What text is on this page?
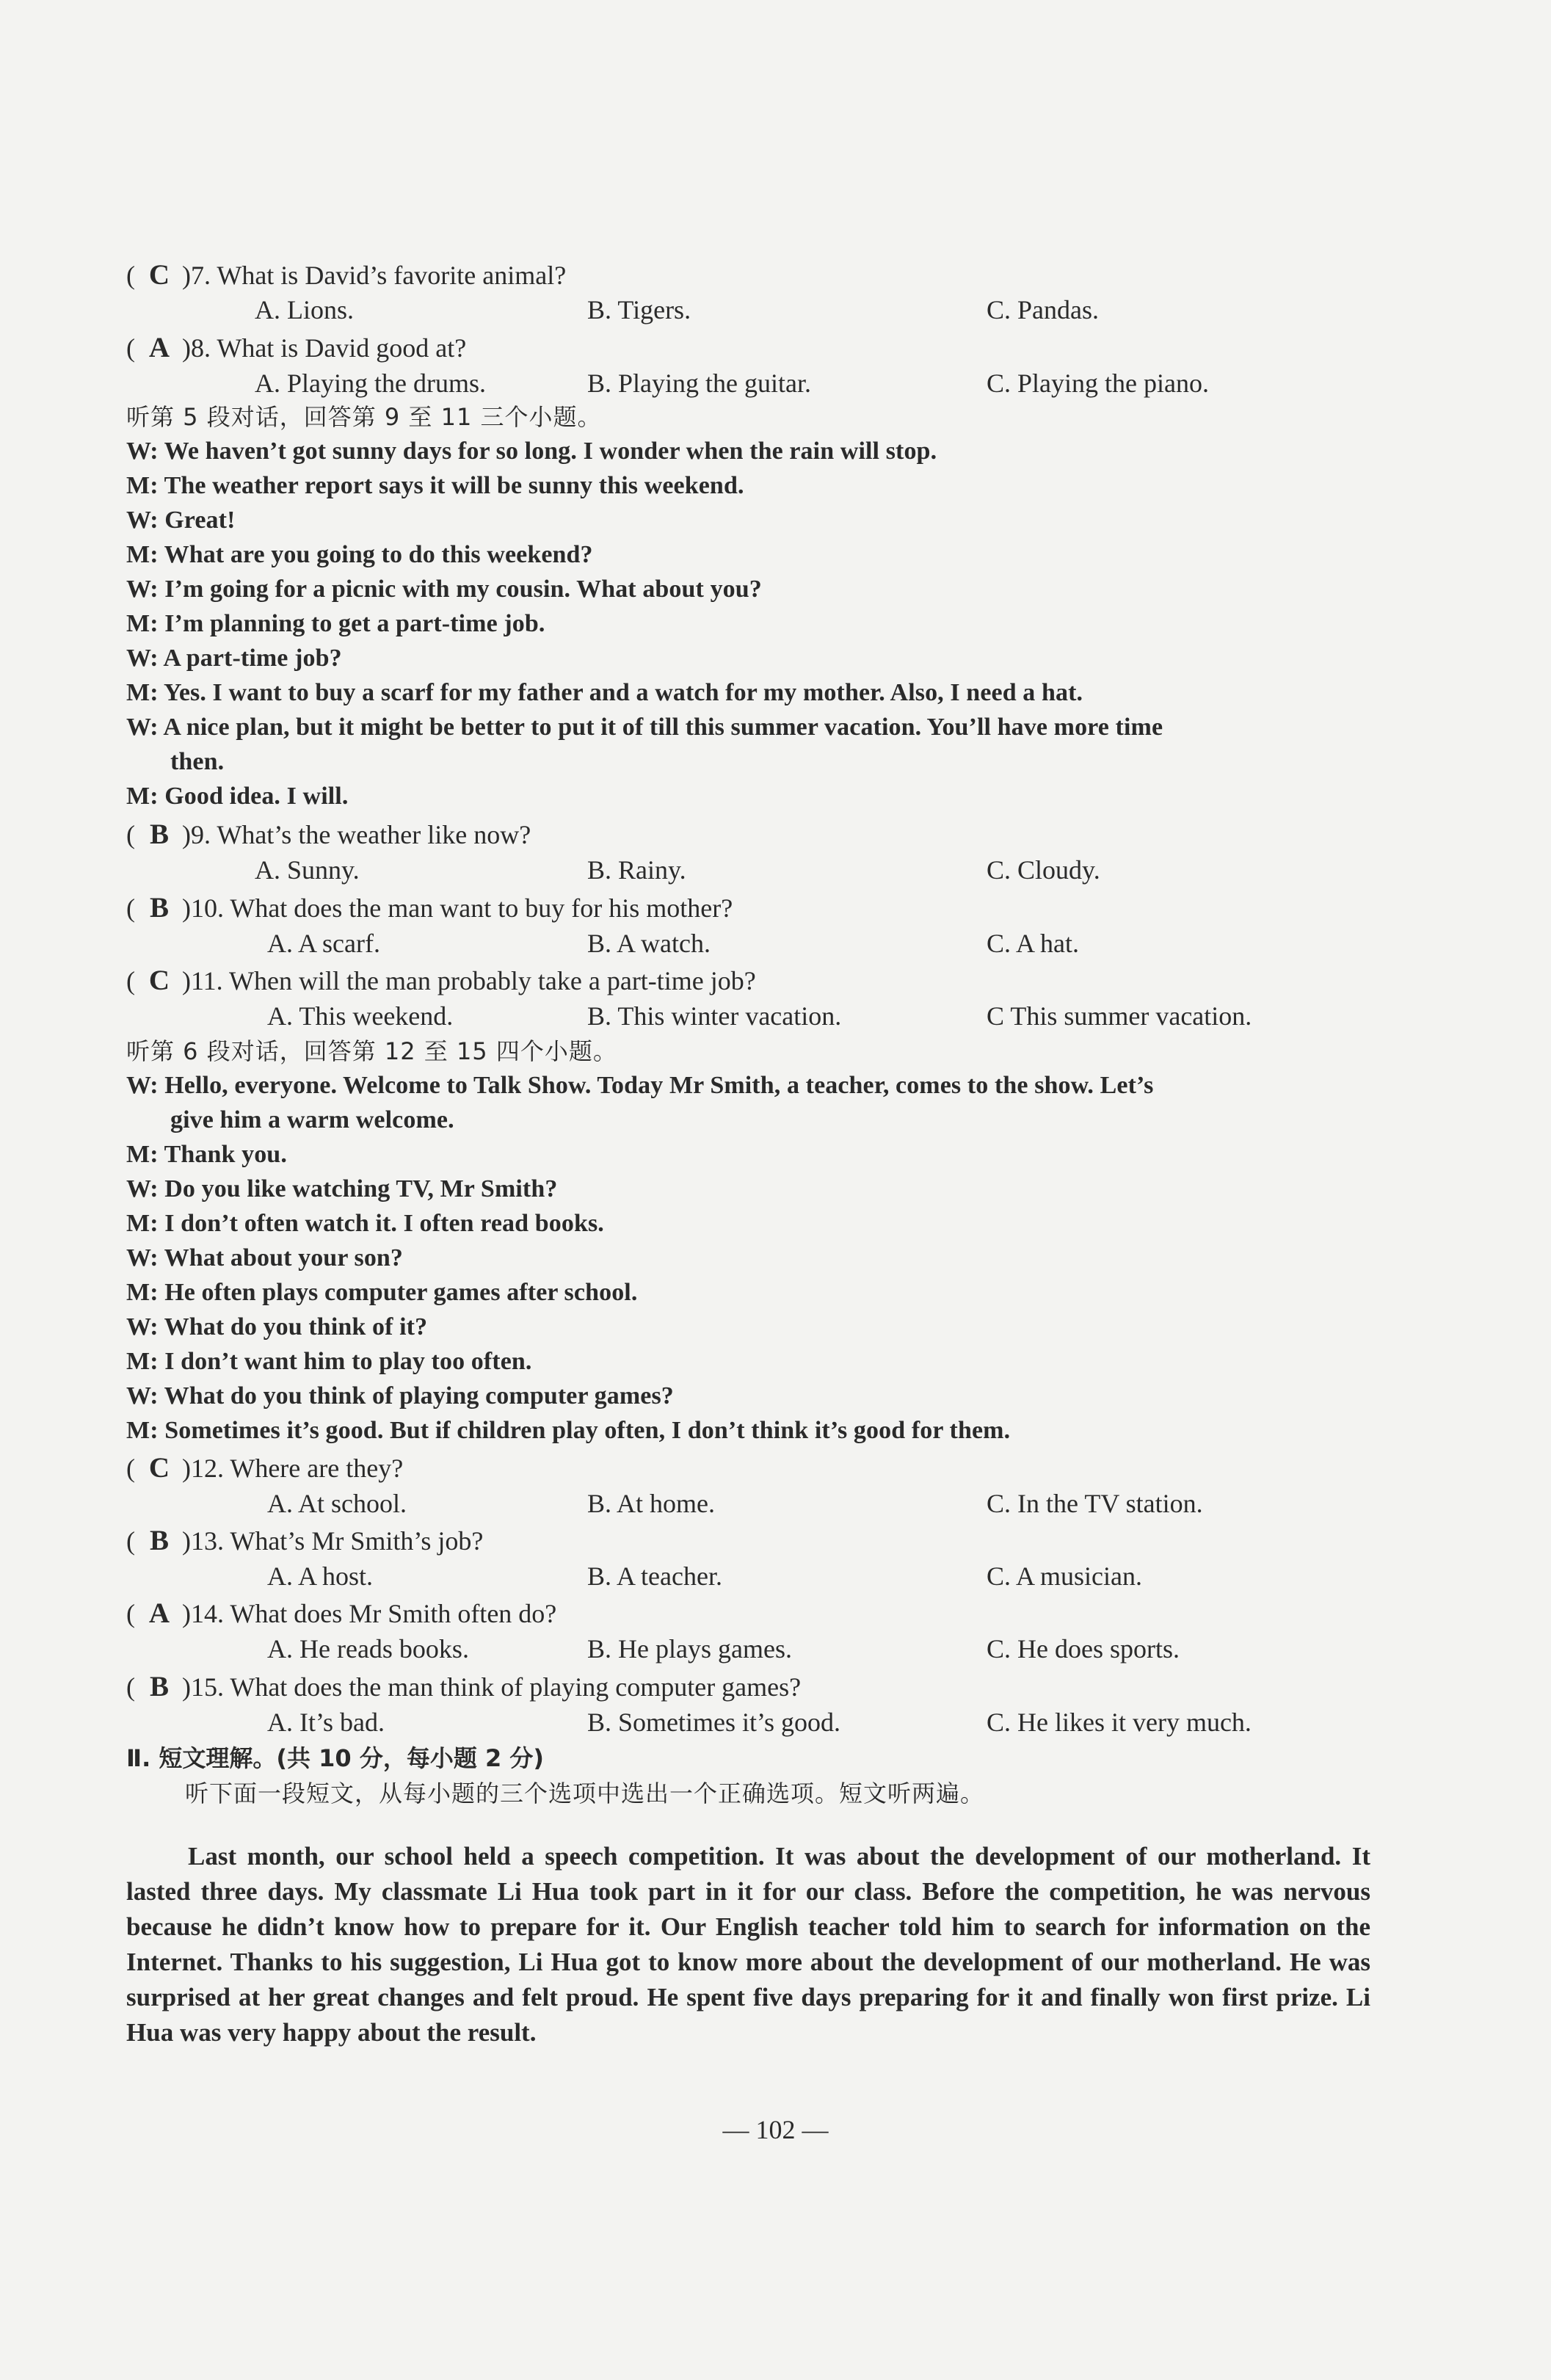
( C )7. What is David’s favorite animal?
A. Lions.	B. Tigers.	C. Pandas.
( A )8. What is David good at?
A. Playing the drums.	B. Playing the guitar.	C. Playing the piano.
听第 5 段对话，回答第 9 至 11 三个小题。
W: We haven’t got sunny days for so long. I wonder when the rain will stop.
M: The weather report says it will be sunny this weekend.
W: Great!
M: What are you going to do this weekend?
W: I’m going for a picnic with my cousin. What about you?
M: I’m planning to get a part-time job.
W: A part-time job?
M: Yes. I want to buy a scarf for my father and a watch for my mother. Also, I need a hat.
W: A nice plan, but it might be better to put it of till this summer vacation. You’ll have more time
then.
M: Good idea. I will.
( B )9. What’s the weather like now?
A. Sunny.	B. Rainy.	C. Cloudy.
( B )10. What does the man want to buy for his mother?
A. A scarf.	B. A watch.	C. A hat.
( C )11. When will the man probably take a part-time job?
A. This weekend.	B. This winter vacation.	C This summer vacation.
听第 6 段对话，回答第 12 至 15 四个小题。
W: Hello, everyone. Welcome to Talk Show. Today Mr Smith, a teacher, comes to the show. Let’s
give him a warm welcome.
M: Thank you.
W: Do you like watching TV, Mr Smith?
M: I don’t often watch it. I often read books.
W: What about your son?
M: He often plays computer games after school.
W: What do you think of it?
M: I don’t want him to play too often.
W: What do you think of playing computer games?
M: Sometimes it’s good. But if children play often, I don’t think it’s good for them.
( C )12. Where are they?
A. At school.	B. At home.	C. In the TV station.
( B )13. What’s Mr Smith’s job?
A. A host.	B. A teacher.	C. A musician.
( A )14. What does Mr Smith often do?
A. He reads books.	B. He plays games.	C. He does sports.
( B )15. What does the man think of playing computer games?
A. It’s bad.	B. Sometimes it’s good.	C. He likes it very much.
Ⅱ. 短文理解。(共 10 分，每小题 2 分)
听下面一段短文，从每小题的三个选项中选出一个正确选项。短文听两遍。
Last month, our school held a speech competition. It was about the development of our motherland. It lasted three days. My classmate Li Hua took part in it for our class. Before the competition, he was nervous because he didn’t know how to prepare for it. Our English teacher told him to search for information on the Internet. Thanks to his suggestion, Li Hua got to know more about the development of our motherland. He was surprised at her great changes and felt proud. He spent five days preparing for it and finally won first prize. Li Hua was very happy about the result.
— 102 —
